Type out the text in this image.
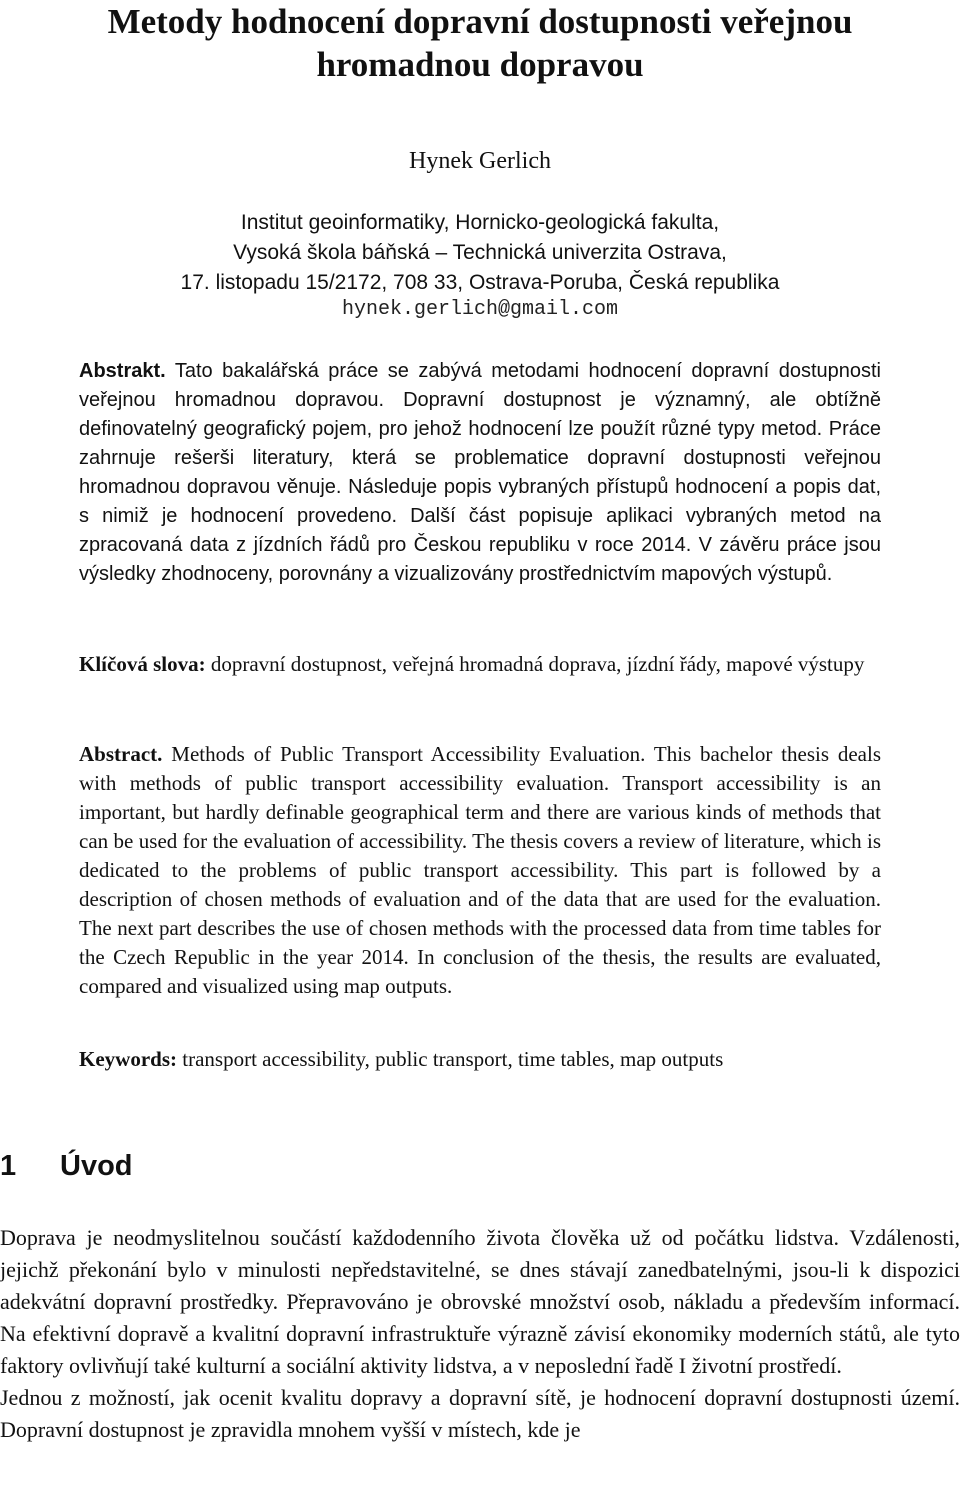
Metody hodnocení dopravní dostupnosti veřejnou hromadnou dopravou
Hynek Gerlich
Institut geoinformatiky, Hornicko-geologická fakulta,
Vysoká škola báňská – Technická univerzita Ostrava,
17. listopadu 15/2172, 708 33, Ostrava-Poruba, Česká republika
hynek.gerlich@gmail.com
Abstrakt. Tato bakalářská práce se zabývá metodami hodnocení dopravní dostupnosti veřejnou hromadnou dopravou. Dopravní dostupnost je významný, ale obtížně definovatelný geografický pojem, pro jehož hodnocení lze použít různé typy metod. Práce zahrnuje rešerši literatury, která se problematice dopravní dostupnosti veřejnou hromadnou dopravou věnuje. Následuje popis vybraných přístupů hodnocení a popis dat, s nimiž je hodnocení provedeno. Další část popisuje aplikaci vybraných metod na zpracovaná data z jízdních řádů pro Českou republiku v roce 2014. V závěru práce jsou výsledky zhodnoceny, porovnány a vizualizovány prostřednictvím mapových výstupů.
Klíčová slova: dopravní dostupnost, veřejná hromadná doprava, jízdní řády, mapové výstupy
Abstract. Methods of Public Transport Accessibility Evaluation. This bachelor thesis deals with methods of public transport accessibility evaluation. Transport accessibility is an important, but hardly definable geographical term and there are various kinds of methods that can be used for the evaluation of accessibility. The thesis covers a review of literature, which is dedicated to the problems of public transport accessibility. This part is followed by a description of chosen methods of evaluation and of the data that are used for the evaluation. The next part describes the use of chosen methods with the processed data from time tables for the Czech Republic in the year 2014. In conclusion of the thesis, the results are evaluated, compared and visualized using map outputs.
Keywords: transport accessibility, public transport, time tables, map outputs
1 Úvod

Doprava je neodmyslitelnou součástí každodenního života člověka už od počátku lidstva. Vzdálenosti, jejichž překonání bylo v minulosti nepředstavitelné, se dnes stávají zanedbatelnými, jsou-li k dispozici adekvátní dopravní prostředky. Přepravováno je obrovské množství osob, nákladu a především informací. Na efektivní dopravě a kvalitní dopravní infrastruktuře výrazně závisí ekonomiky moderních států, ale tyto faktory ovlivňují také kulturní a sociální aktivity lidstva, a v neposlední řadě I životní prostředí.

Jednou z možností, jak ocenit kvalitu dopravy a dopravní sítě, je hodnocení dopravní dostupnosti území. Dopravní dostupnost je zpravidla mnohem vyšší v místech, kde je
